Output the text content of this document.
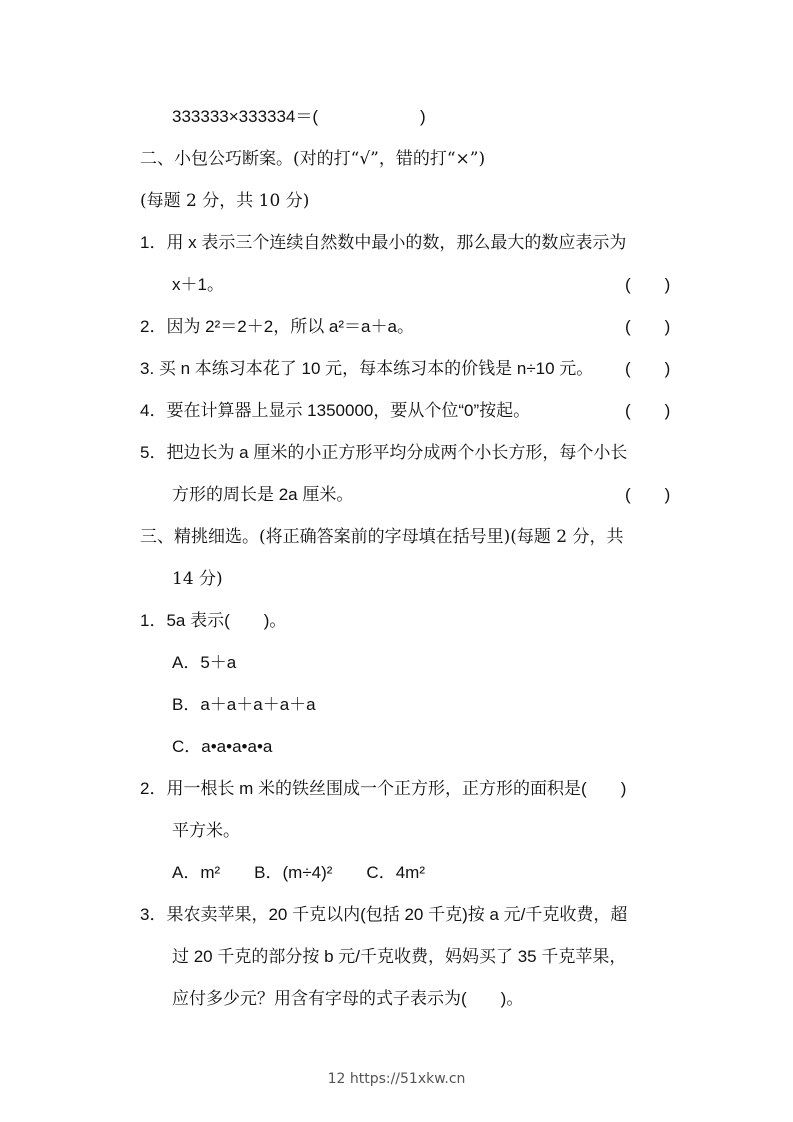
333333×333334＝(　　　　　　)
二、小包公巧断案。(对的打“√”，错的打“×”)
(每题 2 分，共 10 分)
1．用 x 表示三个连续自然数中最小的数，那么最大的数应表示为
x＋1。	(　　)
2．因为 2²＝2＋2，所以 a²＝a＋a。	(　　)
3. 买 n 本练习本花了 10 元，每本练习本的价钱是 n÷10 元。 (　　)
4．要在计算器上显示 1350000，要从个位“0”按起。	(　　)
5．把边长为 a 厘米的小正方形平均分成两个小长方形，每个小长
方形的周长是 2a 厘米。	(　　)
三、精挑细选。(将正确答案前的字母填在括号里)(每题 2 分，共
14 分)
1．5a 表示(　　)。
A．5＋a
B．a＋a＋a＋a＋a
C．a•a•a•a•a
2．用一根长 m 米的铁丝围成一个正方形，正方形的面积是(　　)
平方米。
A．m²　　B．(m÷4)²　　C．4m²
3．果农卖苹果，20 千克以内(包括 20 千克)按 a 元/千克收费，超
过 20 千克的部分按 b 元/千克收费，妈妈买了 35 千克苹果，
应付多少元？用含有字母的式子表示为(　　)。
12 https://51xkw.cn
